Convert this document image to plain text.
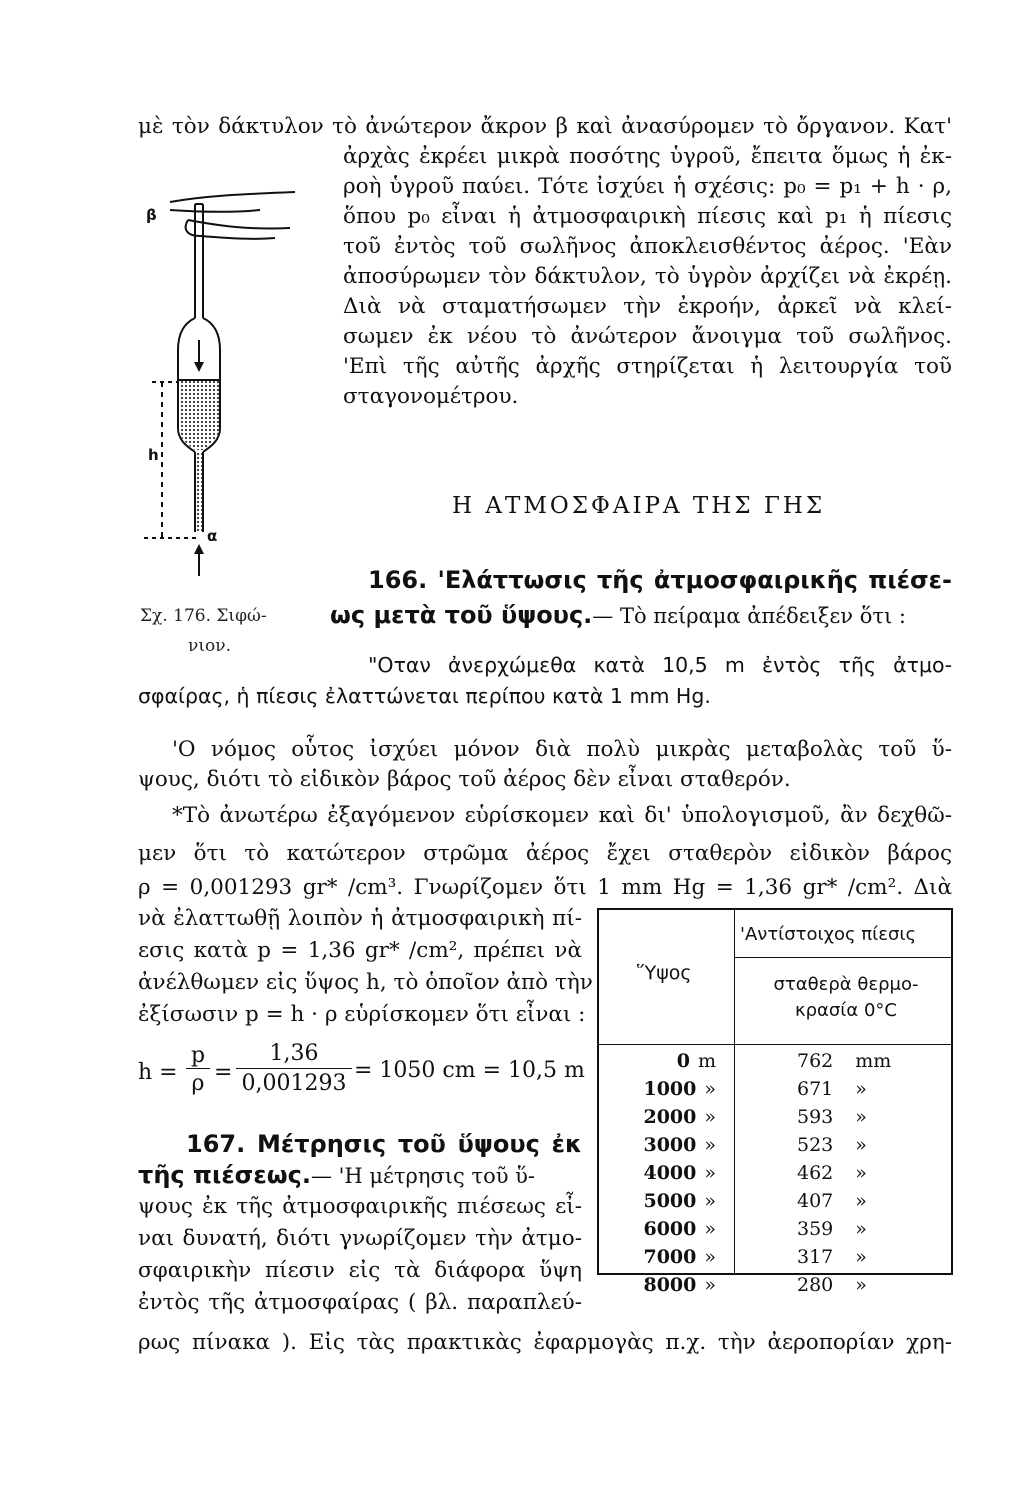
μὲ τὸν δάκτυλον τὸ ἀνώτερον ἄκρον β καὶ ἀνασύρομεν τὸ ὄργανον. Κατ'
ἀρχὰς ἐκρέει μικρὰ ποσότης ὑγροῦ, ἔπειτα ὅμως ἡ ἐκ-
ροὴ ὑγροῦ παύει. Τότε ἰσχύει ἡ σχέσις: p₀ = p₁ + h · ρ,
ὅπου p₀ εἶναι ἡ ἀτμοσφαιρικὴ πίεσις καὶ p₁ ἡ πίεσις
τοῦ ἐντὸς τοῦ σωλῆνος ἀποκλεισθέντος ἀέρος. 'Εὰν
ἀποσύρωμεν τὸν δάκτυλον, τὸ ὑγρὸν ἀρχίζει νὰ ἐκρέῃ.
Διὰ νὰ σταματήσωμεν τὴν ἐκροήν, ἀρκεῖ νὰ κλεί-
σωμεν ἐκ νέου τὸ ἀνώτερον ἄνοιγμα τοῦ σωλῆνος.
'Επὶ τῆς αὐτῆς ἀρχῆς στηρίζεται ἡ λειτουργία τοῦ
σταγονομέτρου.
β
h
α
Σχ. 176. Σιφώ-
νιον.
Η ΑΤΜΟΣΦΑΙΡΑ ΤΗΣ ΓΗΣ
166. 'Ελάττωσις τῆς ἀτμοσφαιρικῆς πιέσε-
ως μετὰ τοῦ ὕψους.— Τὸ πείραμα ἀπέδειξεν ὅτι :
"Οταν ἀνερχώμεθα κατὰ 10,5 m ἐντὸς τῆς ἀτμο-
σφαίρας, ἡ πίεσις ἐλαττώνεται περίπου κατὰ 1 mm Hg.
'Ο νόμος οὗτος ἰσχύει μόνον διὰ πολὺ μικρὰς μεταβολὰς τοῦ ὕ-
ψους, διότι τὸ εἰδικὸν βάρος τοῦ ἀέρος δὲν εἶναι σταθερόν.
*Τὸ ἀνωτέρω ἐξαγόμενον εὑρίσκομεν καὶ δι' ὑπολογισμοῦ, ἂν δεχθῶ-
μεν ὅτι τὸ κατώτερον στρῶμα ἀέρος ἔχει σταθερὸν εἰδικὸν βάρος
ρ = 0,001293 gr* /cm³. Γνωρίζομεν ὅτι 1 mm Hg = 1,36 gr* /cm². Διὰ
νὰ ἐλαττωθῇ λοιπὸν ἡ ἀτμοσφαιρικὴ πί-
εσις κατὰ p = 1,36 gr* /cm², πρέπει νὰ
ἀνέλθωμεν εἰς ὕψος h, τὸ ὁποῖον ἀπὸ τὴν
ἐξίσωσιν p = h · ρ εὑρίσκομεν ὅτι εἶναι :
h =
p
ρ =
1,36
0,001293
= 1050 cm = 10,5 m
167. Μέτρησις τοῦ ὕψους ἐκ
τῆς πιέσεως.— 'Η μέτρησις τοῦ ὕ-
ψους ἐκ τῆς ἀτμοσφαιρικῆς πιέσεως εἶ-
ναι δυνατή, διότι γνωρίζομεν τὴν ἀτμο-
σφαιρικὴν πίεσιν εἰς τὰ διάφορα ὕψη
ἐντὸς τῆς ἀτμοσφαίρας ( βλ. παραπλεύ-
ρως πίνακα ). Εἰς τὰς πρακτικὰς ἐφαρμογὰς π.χ. τὴν ἀεροπορίαν χρη-
Ὕψος
'Αντίστοιχος πίεσις
σταθερὰ θερμο-
κρασία 0°C
0 m	762 mm
1000 »	671 »
2000 »	593 »
3000 »	523 »
4000 »	462 »
5000 »	407 »
6000 »	359 »
7000 »	317 »
8000 »	280 »
